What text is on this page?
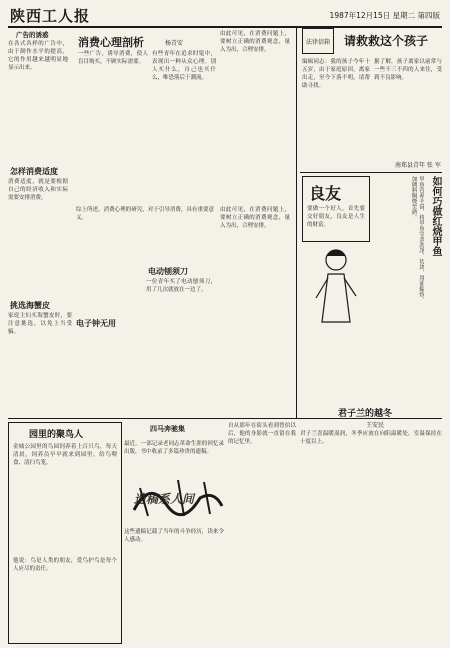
陕西工人报	1987年12月15日 星期二 第四版
消费心理剖析	杨青安
广告的诱惑
在各式各样的广告中，由于制作水平的提高，它的作用越来越明显地显示出来。
一些广告，诱导消费，使人盲目购买，不顾实际需要。
有些青年在追求时髦中，表现出一种从众心理。别人买什么，自己也买什么，唯恐落后于潮流。
由此可见，在消费问题上，要树立正确的消费观念，量入为出，合理安排。
怎样消费适度
消费适度，就是要根据自己的经济收入和实际需要安排消费。
电子钟无用
综上所述，消费心理的研究，对于引导消费，具有重要意义。
电动刨须刀
一位青年买了电动刨须刀，用了几次就放在一边了。
挑选海蟹皮
家庭主妇买海蟹皮时，要注意挑选，以免上当受骗。
由此可见，在消费问题上，要树立正确的消费观念，量入为出，合理安排。
法律信箱 请救救这个孩子
编辑同志：我的孩子今年十五岁，由于家庭原因，离家出走，至今下落不明，请帮助寻找。
据了解，孩子离家以前常与一些不三不四的人来往，受到不良影响。
南郑县青年 张 军
良友
要做一个好人，首先要交好朋友，良友是人生的财富。	如何巧做红烧甲鱼
甲鱼营养丰富，将甲鱼宰杀洗净，切块，用油煸炒，加调料焖烧至熟。
君子兰的越冬
王安民
君子兰喜温暖湿润，冬季应放在向阳温暖处，室温保持在十度以上。
园里的聚鸟人
金城公园里的鸟园饲养着上百只鸟，每天清晨，饲养员早早就来到园里，给鸟喂食、清扫鸟笼。
他说：鸟是人类的朋友，爱鸟护鸟是每个人应尽的责任。
四马奔驰集
遗稿系人间
最近，一部记录老同志革命生涯的回忆录出版，书中收录了多篇珍贵的遗稿。
这些遗稿记载了当年的斗争经历，读来令人感动。
自从那年在街头看到曾伯以后，他的身影就一直留在我的记忆里。
